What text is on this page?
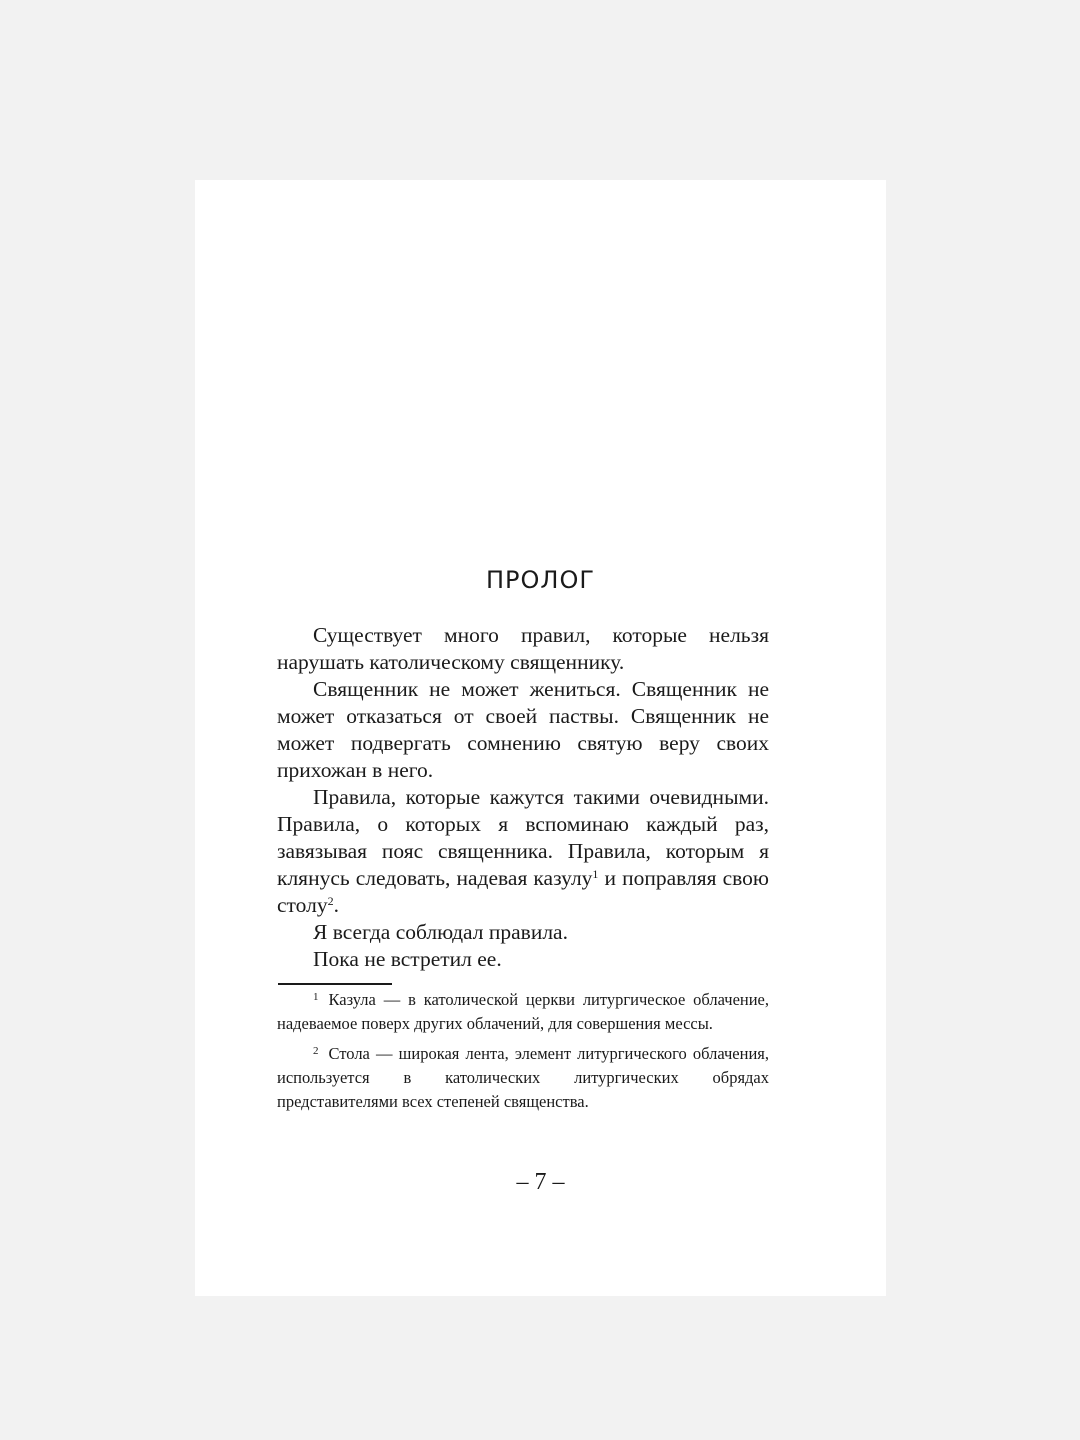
ПРОЛОГ

Существует много правил, которые нельзя нарушать католическому священнику.

Священник не может жениться. Священник не может отказаться от своей паствы. Священник не может подвергать сомнению святую веру своих прихожан в него.

Правила, которые кажутся такими очевидными. Правила, о которых я вспоминаю каждый раз, завязывая пояс священника. Правила, которым я клянусь следовать, надевая казулу$^1$ и поправляя свою столу$^2$.

Я всегда соблюдал правила.

Пока не встретил ее.

$^1$ Казула — в католической церкви литургическое облачение, надеваемое поверх других облачений, для совершения мессы.

$^2$ Стола — широкая лента, элемент литургического облачения, используется в католических литургических обрядах представителями всех степеней священства.

– 7 –
